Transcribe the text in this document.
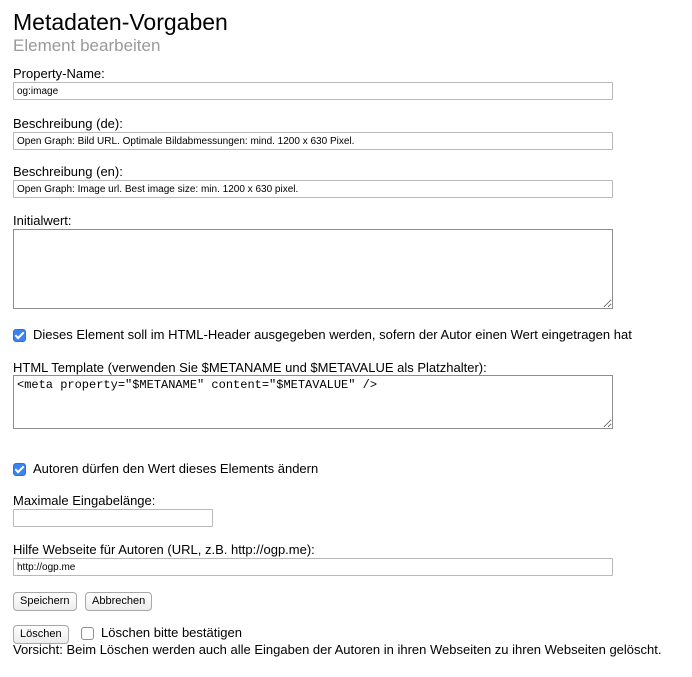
Metadaten-Vorgaben
Element bearbeiten
Property-Name:
og:image
Beschreibung (de):
Open Graph: Bild URL. Optimale Bildabmessungen: mind. 1200 x 630 Pixel.
Beschreibung (en):
Open Graph: Image url. Best image size: min. 1200 x 630 pixel.
Initialwert:
Dieses Element soll im HTML-Header ausgegeben werden, sofern der Autor einen Wert eingetragen hat
HTML Template (verwenden Sie $METANAME und $METAVALUE als Platzhalter):
<meta property="$METANAME" content="$METAVALUE" />
Autoren dürfen den Wert dieses Elements ändern
Maximale Eingabelänge:
Hilfe Webseite für Autoren (URL, z.B. http://ogp.me):
http://ogp.me
Speichern	Abbrechen
Löschen	Löschen bitte bestätigen
Vorsicht: Beim Löschen werden auch alle Eingaben der Autoren in ihren Webseiten zu ihren Webseiten gelöscht.
